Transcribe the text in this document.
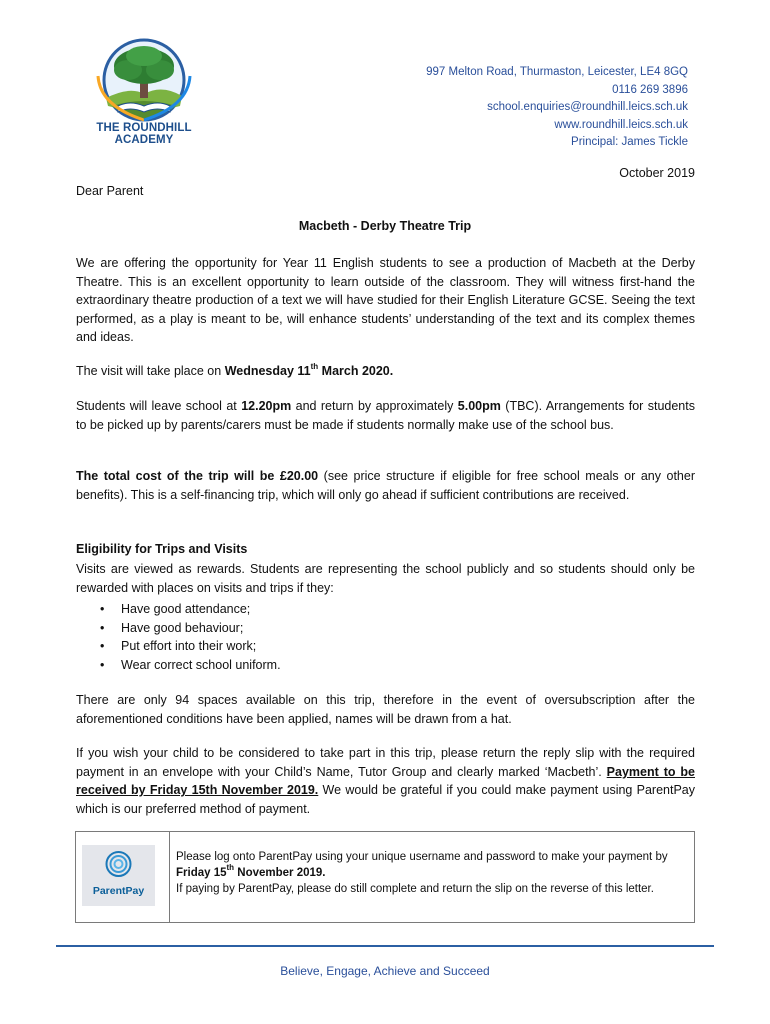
THE ROUNDHILL ACADEMY
997 Melton Road, Thurmaston, Leicester, LE4 8GQ
0116 269 3896
school.enquiries@roundhill.leics.sch.uk
www.roundhill.leics.sch.uk
Principal: James Tickle
October 2019
Dear Parent
Macbeth - Derby Theatre Trip
We are offering the opportunity for Year 11 English students to see a production of Macbeth at the Derby Theatre. This is an excellent opportunity to learn outside of the classroom. They will witness first-hand the extraordinary theatre production of a text we will have studied for their English Literature GCSE. Seeing the text performed, as a play is meant to be, will enhance students’ understanding of the text and its complex themes and ideas.
The visit will take place on Wednesday 11th March 2020.
Students will leave school at 12.20pm and return by approximately 5.00pm (TBC). Arrangements for students to be picked up by parents/carers must be made if students normally make use of the school bus.
The total cost of the trip will be £20.00 (see price structure if eligible for free school meals or any other benefits). This is a self-financing trip, which will only go ahead if sufficient contributions are received.
Eligibility for Trips and Visits
Visits are viewed as rewards. Students are representing the school publicly and so students should only be rewarded with places on visits and trips if they:
• Have good attendance;
• Have good behaviour;
• Put effort into their work;
• Wear correct school uniform.
There are only 94 spaces available on this trip, therefore in the event of oversubscription after the aforementioned conditions have been applied, names will be drawn from a hat.
If you wish your child to be considered to take part in this trip, please return the reply slip with the required payment in an envelope with your Child’s Name, Tutor Group and clearly marked ‘Macbeth’. Payment to be received by Friday 15th November 2019. We would be grateful if you could make payment using ParentPay which is our preferred method of payment.
ParentPay
Please log onto ParentPay using your unique username and password to make your payment by Friday 15th November 2019.
If paying by ParentPay, please do still complete and return the slip on the reverse of this letter.
Believe, Engage, Achieve and Succeed
